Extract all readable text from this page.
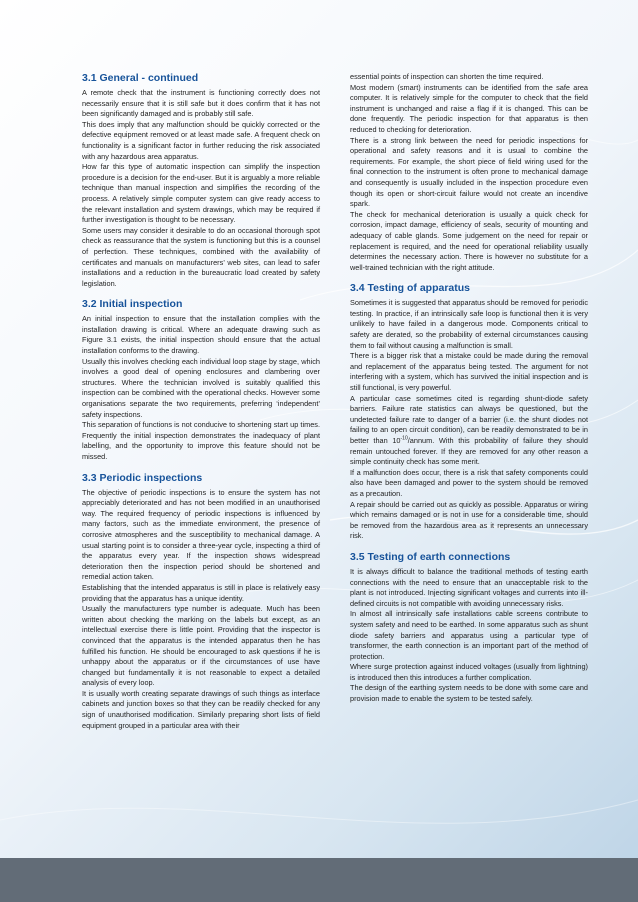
3.1 General - continued

A remote check that the instrument is functioning correctly does not necessarily ensure that it is still safe but it does confirm that it has not been significantly damaged and is probably still safe.

This does imply that any malfunction should be quickly corrected or the defective equipment removed or at least made safe. A frequent check on functionality is a significant factor in further reducing the risk associated with any hazardous area apparatus.

How far this type of automatic inspection can simplify the inspection procedure is a decision for the end-user. But it is arguably a more reliable technique than manual inspection and simplifies the recording of the process. A relatively simple computer system can give ready access to the relevant installation and system drawings, which may be required if further investigation is thought to be necessary.

Some users may consider it desirable to do an occasional thorough spot check as reassurance that the system is functioning but this is a counsel of perfection. These techniques, combined with the availability of certificates and manuals on manufacturers’ web sites, can lead to safer installations and a reduction in the bureaucratic load created by safety legislation.

3.2 Initial inspection

An initial inspection to ensure that the installation complies with the installation drawing is critical. Where an adequate drawing such as Figure 3.1 exists, the initial inspection should ensure that the actual installation conforms to the drawing.

Usually this involves checking each individual loop stage by stage, which involves a good deal of opening enclosures and clambering over structures. Where the technician involved is suitably qualified this inspection can be combined with the operational checks. However some organisations separate the two requirements, preferring ‘independent’ safety inspections.

This separation of functions is not conducive to shortening start up times. Frequently the initial inspection demonstrates the inadequacy of plant labelling, and the opportunity to improve this feature should not be missed.

3.3 Periodic inspections

The objective of periodic inspections is to ensure the system has not appreciably deteriorated and has not been modified in an unauthorised way. The required frequency of periodic inspections is influenced by many factors, such as the immediate environment, the presence of corrosive atmospheres and the susceptibility to mechanical damage. A usual starting point is to consider a three-year cycle, inspecting a third of the apparatus every year. If the inspection shows widespread deterioration then the inspection period should be shortened and remedial action taken.

Establishing that the intended apparatus is still in place is relatively easy providing that the apparatus has a unique identity.

Usually the manufacturers type number is adequate. Much has been written about checking the marking on the labels but except, as an intellectual exercise there is little point. Providing that the inspector is convinced that the apparatus is the intended apparatus then he has fulfilled his function. He should be encouraged to ask questions if he is unhappy about the apparatus or if the circumstances of use have changed but fundamentally it is not reasonable to expect a detailed analysis of every loop.

It is usually worth creating separate drawings of such things as interface cabinets and junction boxes so that they can be readily checked for any sign of unauthorised modification. Similarly preparing short lists of field equipment grouped in a particular area with their

essential points of inspection can shorten the time required.

Most modern (smart) instruments can be identified from the safe area computer. It is relatively simple for the computer to check that the field instrument is unchanged and raise a flag if it is changed. This can be done frequently. The periodic inspection for that apparatus is then reduced to checking for deterioration.

There is a strong link between the need for periodic inspections for operational and safety reasons and it is usual to combine the requirements. For example, the short piece of field wiring used for the final connection to the instrument is often prone to mechanical damage and consequently is usually included in the inspection procedure even though its open or short-circuit failure would not create an incendive spark.

The check for mechanical deterioration is usually a quick check for corrosion, impact damage, efficiency of seals, security of mounting and adequacy of cable glands. Some judgement on the need for repair or replacement is required, and the need for operational reliability usually determines the necessary action. There is however no substitute for a well-trained technician with the right attitude.

3.4 Testing of apparatus

Sometimes it is suggested that apparatus should be removed for periodic testing. In practice, if an intrinsically safe loop is functional then it is very unlikely to have failed in a dangerous mode. Components critical to safety are derated, so the probability of external circumstances causing them to fail without causing a malfunction is small.

There is a bigger risk that a mistake could be made during the removal and replacement of the apparatus being tested. The argument for not interfering with a system, which has survived the initial inspection and is still functional, is very powerful.

A particular case sometimes cited is regarding shunt-diode safety barriers. Failure rate statistics can always be questioned, but the undetected failure rate to danger of a barrier (i.e. the shunt diodes not failing to an open circuit condition), can be readily demonstrated to be in better than $10^{-10}$/annum. With this probability of failure they should remain untouched forever. If they are removed for any other reason a simple continuity check has some merit.

If a malfunction does occur, there is a risk that safety components could also have been damaged and power to the system should be removed as a precaution.

A repair should be carried out as quickly as possible. Apparatus or wiring which remains damaged or is not in use for a considerable time, should be removed from the hazardous area as it represents an unnecessary risk.

3.5 Testing of earth connections

It is always difficult to balance the traditional methods of testing earth connections with the need to ensure that an unacceptable risk to the plant is not introduced. Injecting significant voltages and currents into ill-defined circuits is not compatible with avoiding unnecessary risks.

In almost all intrinsically safe installations cable screens contribute to system safety and need to be earthed. In some apparatus such as shunt diode safety barriers and apparatus using a particular type of transformer, the earth connection is an important part of the method of protection.

Where surge protection against induced voltages (usually from lightning) is introduced then this introduces a further complication.

The design of the earthing system needs to be done with some care and provision made to enable the system to be tested safely.
